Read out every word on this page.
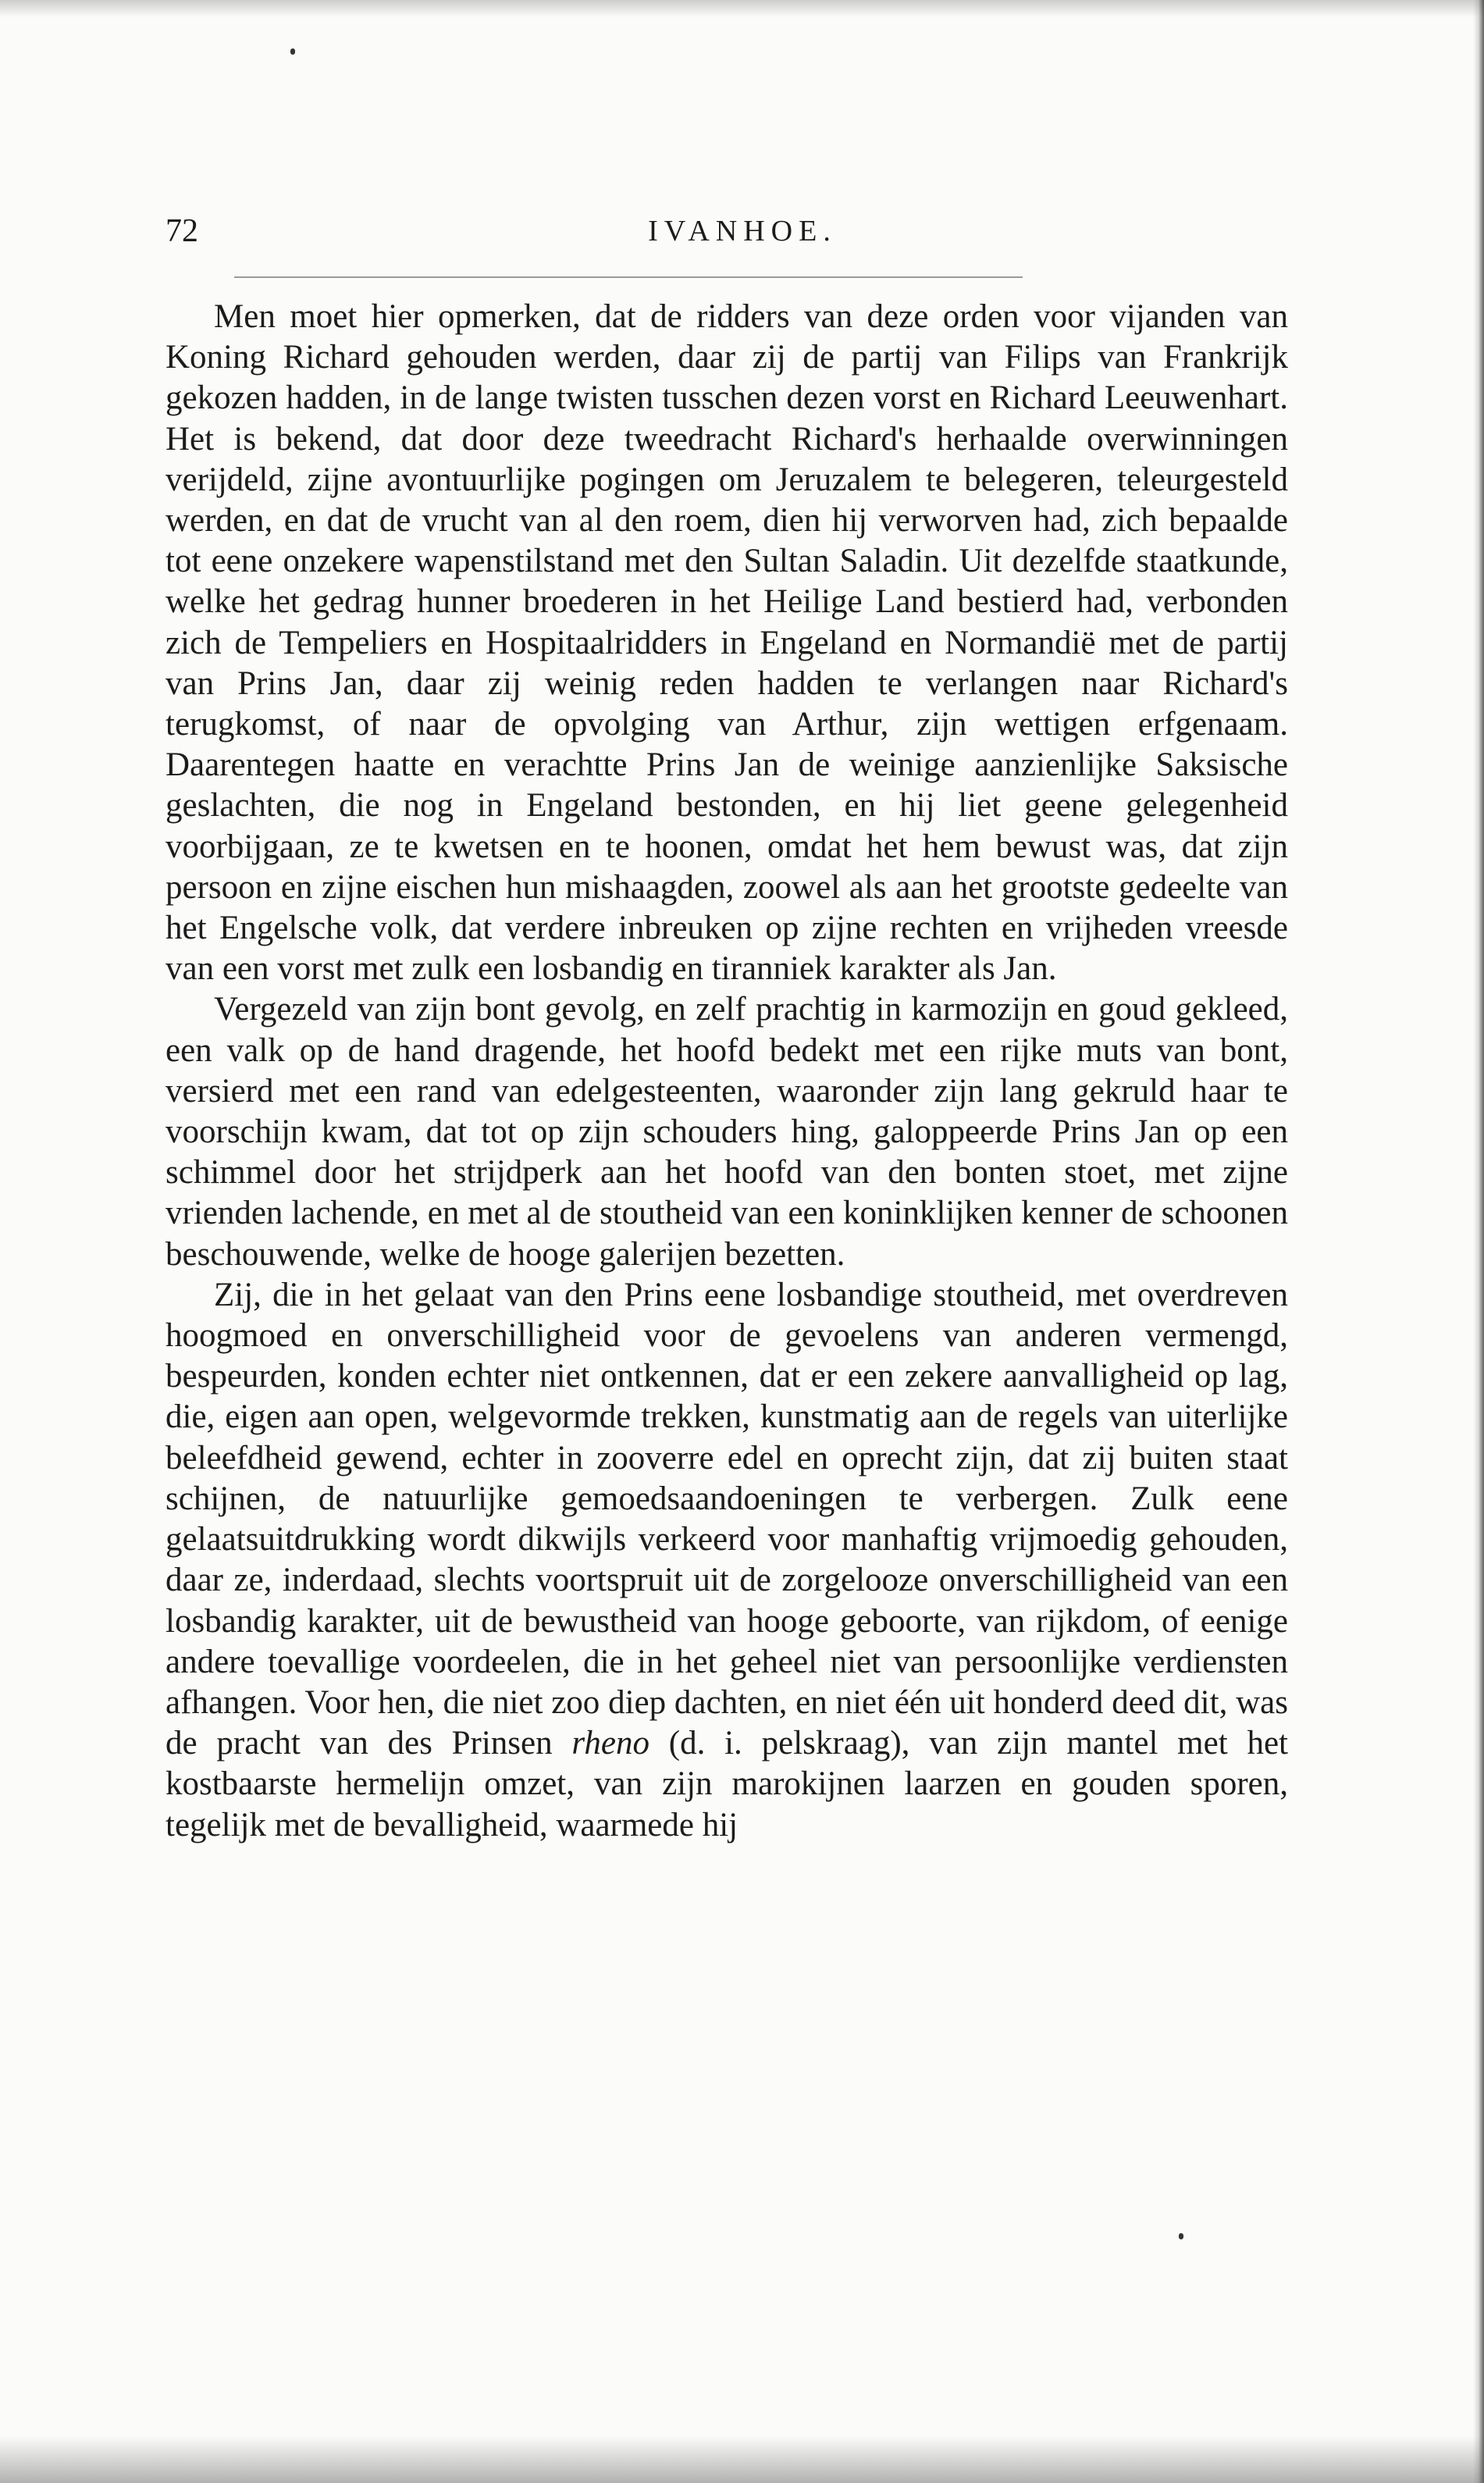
72	IVANHOE.

Men moet hier opmerken, dat de ridders van deze orden voor vijanden van Koning Richard gehouden werden, daar zij de partij van Filips van Frankrijk gekozen hadden, in de lange twisten tusschen dezen vorst en Richard Leeuwenhart. Het is bekend, dat door deze tweedracht Richard's herhaalde overwinningen verijdeld, zijne avontuurlijke pogingen om Jeruzalem te belegeren, teleurgesteld werden, en dat de vrucht van al den roem, dien hij verworven had, zich bepaalde tot eene onzekere wapenstilstand met den Sultan Saladin. Uit dezelfde staatkunde, welke het gedrag hunner broederen in het Heilige Land bestierd had, verbonden zich de Tempeliers en Hospitaalridders in Engeland en Normandië met de partij van Prins Jan, daar zij weinig reden hadden te verlangen naar Richard's terugkomst, of naar de opvolging van Arthur, zijn wettigen erfgenaam. Daarentegen haatte en verachtte Prins Jan de weinige aanzienlijke Saksische geslachten, die nog in Engeland bestonden, en hij liet geene gelegenheid voorbijgaan, ze te kwetsen en te hoonen, omdat het hem bewust was, dat zijn persoon en zijne eischen hun mishaagden, zoowel als aan het grootste gedeelte van het Engelsche volk, dat verdere inbreuken op zijne rechten en vrijheden vreesde van een vorst met zulk een losbandig en tiranniek karakter als Jan.

Vergezeld van zijn bont gevolg, en zelf prachtig in karmozijn en goud gekleed, een valk op de hand dragende, het hoofd bedekt met een rijke muts van bont, versierd met een rand van edelgesteenten, waaronder zijn lang gekruld haar te voorschijn kwam, dat tot op zijn schouders hing, galoppeerde Prins Jan op een schimmel door het strijdperk aan het hoofd van den bonten stoet, met zijne vrienden lachende, en met al de stoutheid van een koninklijken kenner de schoonen beschouwende, welke de hooge galerijen bezetten.

Zij, die in het gelaat van den Prins eene losbandige stoutheid, met overdreven hoogmoed en onverschilligheid voor de gevoelens van anderen vermengd, bespeurden, konden echter niet ontkennen, dat er een zekere aanvalligheid op lag, die, eigen aan open, welgevormde trekken, kunstmatig aan de regels van uiterlijke beleefdheid gewend, echter in zooverre edel en oprecht zijn, dat zij buiten staat schijnen, de natuurlijke gemoedsaandoeningen te verbergen. Zulk eene gelaatsuitdrukking wordt dikwijls verkeerd voor manhaftig vrijmoedig gehouden, daar ze, inderdaad, slechts voortspruit uit de zorgelooze onverschilligheid van een losbandig karakter, uit de bewustheid van hooge geboorte, van rijkdom, of eenige andere toevallige voordeelen, die in het geheel niet van persoonlijke verdiensten afhangen. Voor hen, die niet zoo diep dachten, en niet één uit honderd deed dit, was de pracht van des Prinsen rheno (d. i. pelskraag), van zijn mantel met het kostbaarste hermelijn omzet, van zijn marokijnen laarzen en gouden sporen, tegelijk met de bevalligheid, waarmede hij
